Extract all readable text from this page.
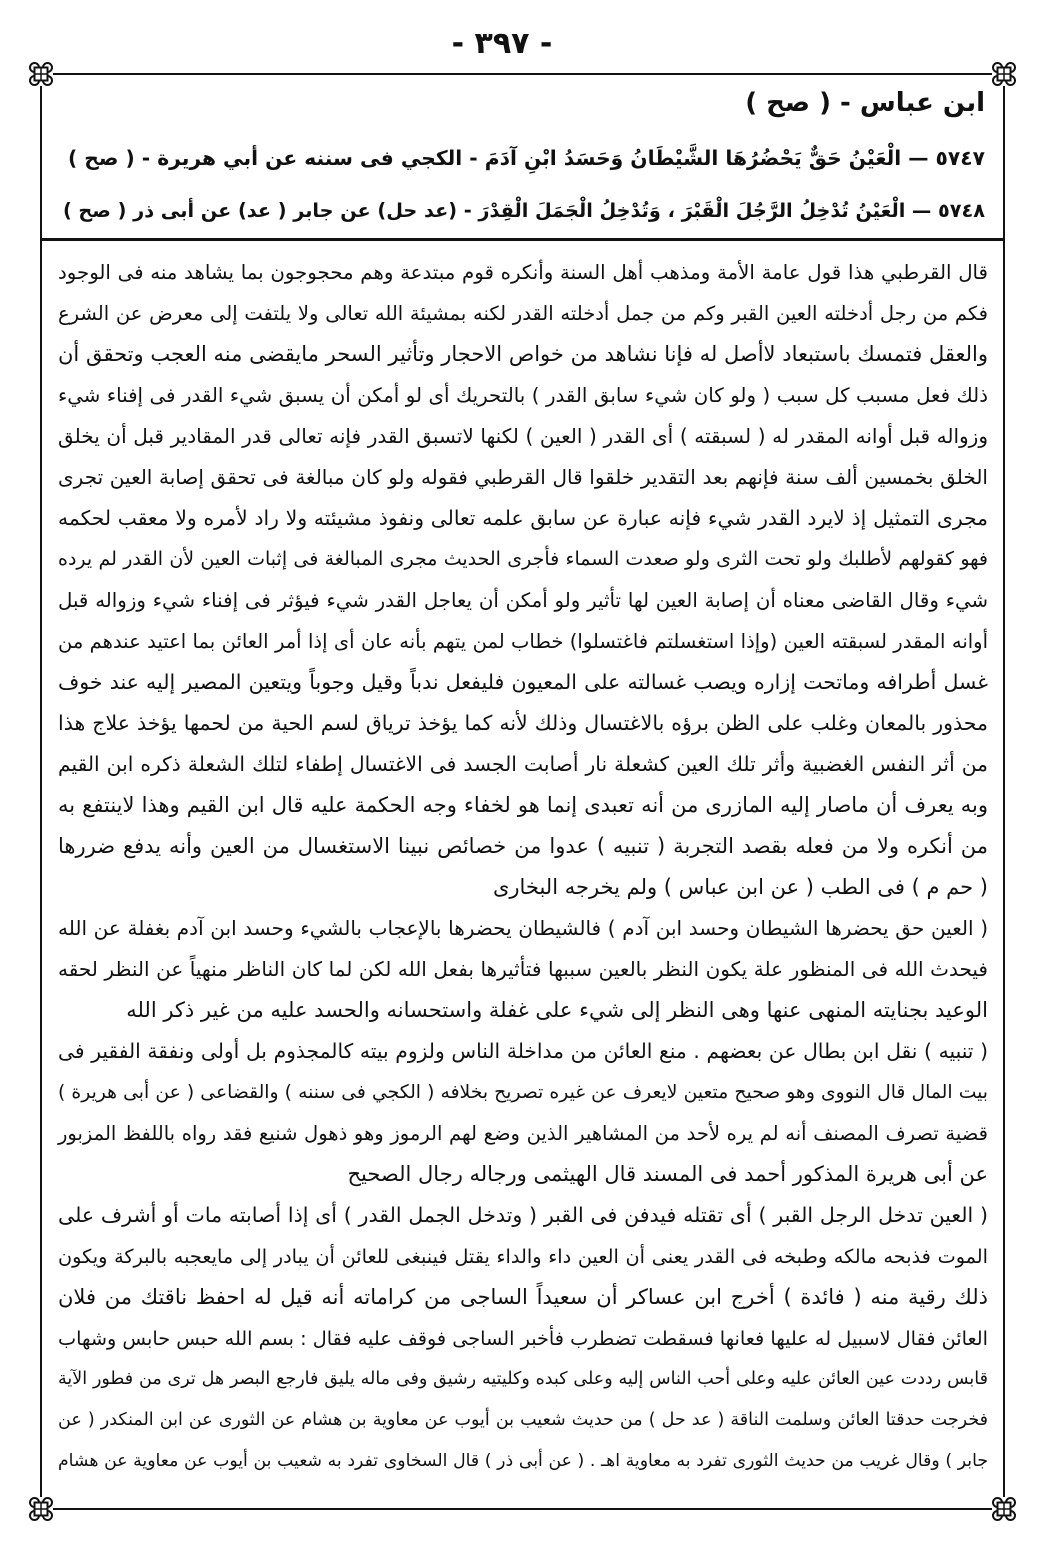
- ٣٩٧ -
ابن عباس - ( صح )
٥٧٤٧ — الْعَيْنُ حَقٌّ يَحْضُرُهَا الشَّيْطَانُ وَحَسَدُ ابْنِ آدَمَ - الكجي فى سننه عن أبي هريرة - ( صح )
٥٧٤٨ — الْعَيْنُ تُدْخِلُ الرَّجُلَ الْقَبْرَ ، وَتُدْخِلُ الْجَمَلَ الْقِدْرَ - (عد حل) عن جابر ( عد) عن أبى ذر ( صح )
قال القرطبي هذا قول عامة الأمة ومذهب أهل السنة وأنكره قوم مبتدعة وهم محجوجون بما يشاهد منه فى الوجود
فكم من رجل أدخلته العين القبر وكم من جمل أدخلته القدر لكنه بمشيئة الله تعالى ولا يلتفت إلى معرض عن الشرع
والعقل فتمسك باستبعاد لاأصل له فإنا نشاهد من خواص الاحجار وتأثير السحر مايقضى منه العجب وتحقق أن
ذلك فعل مسبب كل سبب ( ولو كان شيء سابق القدر ) بالتحريك أى لو أمكن أن يسبق شيء القدر فى إفناء شيء
وزواله قبل أوانه المقدر له ( لسبقته ) أى القدر ( العين ) لكنها لاتسبق القدر فإنه تعالى قدر المقادير قبل أن يخلق
الخلق بخمسين ألف سنة فإنهم بعد التقدير خلقوا قال القرطبي فقوله ولو كان مبالغة فى تحقق إصابة العين تجرى
مجرى التمثيل إذ لايرد القدر شيء فإنه عبارة عن سابق علمه تعالى ونفوذ مشيئته ولا راد لأمره ولا معقب لحكمه
فهو كقولهم لأطلبك ولو تحت الثرى ولو صعدت السماء فأجرى الحديث مجرى المبالغة فى إثبات العين لأن القدر لم يرده
شيء وقال القاضى معناه أن إصابة العين لها تأثير ولو أمكن أن يعاجل القدر شيء فيؤثر فى إفناء شيء وزواله قبل
أوانه المقدر لسبقته العين (وإذا استغسلتم فاغتسلوا) خطاب لمن يتهم بأنه عان أى إذا أمر العائن بما اعتيد عندهم من
غسل أطرافه وماتحت إزاره ويصب غسالته على المعيون فليفعل ندباً وقيل وجوباً ويتعين المصير إليه عند خوف
محذور بالمعان وغلب على الظن برؤه بالاغتسال وذلك لأنه كما يؤخذ ترياق لسم الحية من لحمها يؤخذ علاج هذا
من أثر النفس الغضبية وأثر تلك العين كشعلة نار أصابت الجسد فى الاغتسال إطفاء لتلك الشعلة ذكره ابن القيم
وبه يعرف أن ماصار إليه المازرى من أنه تعبدى إنما هو لخفاء وجه الحكمة عليه قال ابن القيم وهذا لاينتفع به
من أنكره ولا من فعله بقصد التجربة ( تنبيه ) عدوا من خصائص نبينا الاستغسال من العين وأنه يدفع ضررها
( حم م ) فى الطب ( عن ابن عباس ) ولم يخرجه البخارى
( العين حق يحضرها الشيطان وحسد ابن آدم ) فالشيطان يحضرها بالإعجاب بالشيء وحسد ابن آدم بغفلة عن الله
فيحدث الله فى المنظور علة يكون النظر بالعين سببها فتأثيرها بفعل الله لكن لما كان الناظر منهياً عن النظر لحقه
الوعيد بجنايته المنهى عنها وهى النظر إلى شيء على غفلة واستحسانه والحسد عليه من غير ذكر الله
( تنبيه ) نقل ابن بطال عن بعضهم . منع العائن من مداخلة الناس ولزوم بيته كالمجذوم بل أولى ونفقة الفقير فى
بيت المال قال النووى وهو صحيح متعين لايعرف عن غيره تصريح بخلافه ( الكجي فى سننه ) والقضاعى ( عن أبى هريرة )
قضية تصرف المصنف أنه لم يره لأحد من المشاهير الذين وضع لهم الرموز وهو ذهول شنيع فقد رواه باللفظ المزبور
عن أبى هريرة المذكور أحمد فى المسند قال الهيثمى ورجاله رجال الصحيح
( العين تدخل الرجل القبر ) أى تقتله فيدفن فى القبر ( وتدخل الجمل القدر ) أى إذا أصابته مات أو أشرف على
الموت فذبحه مالكه وطبخه فى القدر يعنى أن العين داء والداء يقتل فينبغى للعائن أن يبادر إلى مايعجبه بالبركة ويكون
ذلك رقية منه ( فائدة ) أخرج ابن عساكر أن سعيداً الساجى من كراماته أنه قيل له احفظ ناقتك من فلان
العائن فقال لاسبيل له عليها فعانها فسقطت تضطرب فأخبر الساجى فوقف عليه فقال : بسم الله حبس حابس وشهاب
قابس رددت عين العائن عليه وعلى أحب الناس إليه وعلى كبده وكليتيه رشيق وفى ماله يليق فارجع البصر هل ترى من فطور الآية
فخرجت حدقتا العائن وسلمت الناقة ( عد حل ) من حديث شعيب بن أيوب عن معاوية بن هشام عن الثورى عن ابن المنكدر ( عن
جابر ) وقال غريب من حديث الثورى تفرد به معاوية اهـ . ( عن أبى ذر ) قال السخاوى تفرد به شعيب بن أيوب عن معاوية عن هشام
